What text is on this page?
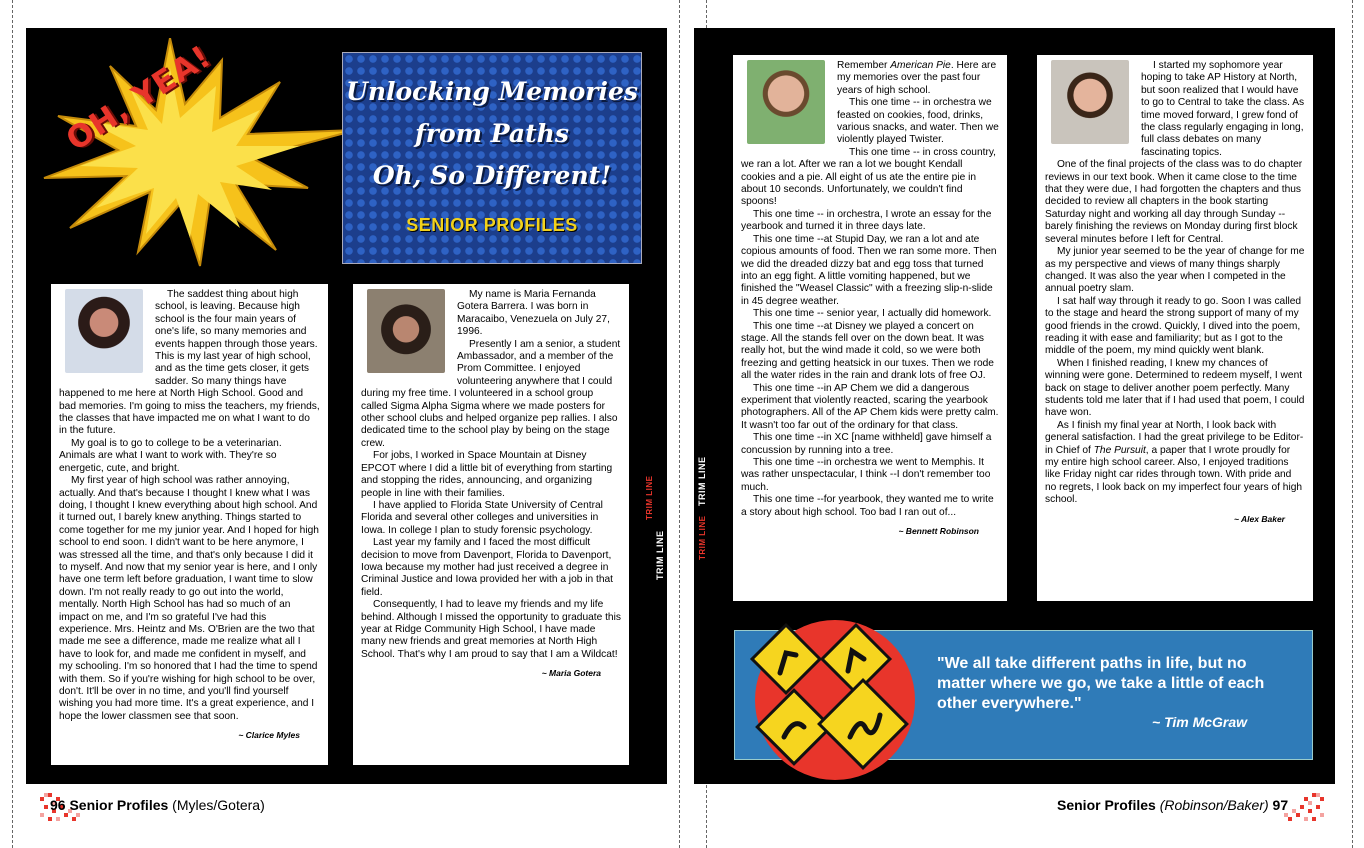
OH, YEA!	Unlocking Memories
from Paths
Oh, So Different!
SENIOR PROFILES

The saddest thing about high school, is leaving. Because high school is the four main years of one's life, so many memories and events happen through those years. This is my last year of high school, and as the time gets closer, it gets sadder. So many things have happened to me here at North High School. Good and bad memories. I'm going to miss the teachers, my friends, the classes that have impacted me on what I want to do in the future.

My goal is to go to college to be a veterinarian. Animals are what I want to work with. They're so energetic, cute, and bright.

My first year of high school was rather annoying, actually. And that's because I thought I knew what I was doing, I thought I knew everything about high school. And it turned out, I barely knew anything. Things started to come together for me my junior year. And I hoped for high school to end soon. I didn't want to be here anymore, I was stressed all the time, and that's only because I did it to myself. And now that my senior year is here, and I only have one term left before graduation, I want time to slow down. I'm not really ready to go out into the world, mentally. North High School has had so much of an impact on me, and I'm so grateful I've had this experience. Mrs. Heintz and Ms. O'Brien are the two that made me see a difference, made me realize what all I have to look for, and made me confident in myself, and my schooling. I'm so honored that I had the time to spend with them. So if you're wishing for high school to be over, don't. It'll be over in no time, and you'll find yourself wishing you had more time. It's a great experience, and I hope the lower classmen see that soon.

~ Clarice Myles

My name is Maria Fernanda Gotera Barrera. I was born in Maracaibo, Venezuela on July 27, 1996.

Presently I am a senior, a student Ambassador, and a member of the Prom Committee. I enjoyed volunteering anywhere that I could during my free time. I volunteered in a school group called Sigma Alpha Sigma where we made posters for other school clubs and helped organize pep rallies. I also dedicated time to the school play by being on the stage crew.

For jobs, I worked in Space Mountain at Disney EPCOT where I did a little bit of everything from starting and stopping the rides, announcing, and organizing people in line with their families.

I have applied to Florida State University of Central Florida and several other colleges and universities in Iowa. In college I plan to study forensic psychology.

Last year my family and I faced the most difficult decision to move from Davenport, Florida to Davenport, Iowa because my mother had just received a degree in Criminal Justice and Iowa provided her with a job in that field.

Consequently, I had to leave my friends and my life behind. Although I missed the opportunity to graduate this year at Ridge Community High School, I have made many new friends and great memories at North High School. That's why I am proud to say that I am a Wildcat!

~ Maria Gotera

TRIM LINE
TRIM LINE
96 Senior Profiles (Myles/Gotera)
TRIM LINE
TRIM LINE

Remember American Pie. Here are my memories over the past four years of high school.

This one time -- in orchestra we feasted on cookies, food, drinks, various snacks, and water. Then we violently played Twister.

This one time -- in cross country, we ran a lot. After we ran a lot we bought Kendall cookies and a pie. All eight of us ate the entire pie in about 10 seconds. Unfortunately, we couldn't find spoons!

This one time -- in orchestra, I wrote an essay for the yearbook and turned it in three days late.

This one time --at Stupid Day, we ran a lot and ate copious amounts of food. Then we ran some more. Then we did the dreaded dizzy bat and egg toss that turned into an egg fight. A little vomiting happened, but we finished the "Weasel Classic" with a freezing slip-n-slide in 45 degree weather.

This one time -- senior year, I actually did homework.

This one time --at Disney we played a concert on stage. All the stands fell over on the down beat. It was really hot, but the wind made it cold, so we were both freezing and getting heatsick in our tuxes. Then we rode all the water rides in the rain and drank lots of free OJ.

This one time --in AP Chem we did a dangerous experiment that violently reacted, scaring the yearbook photographers. All of the AP Chem kids were pretty calm. It wasn't too far out of the ordinary for that class.

This one time --in XC [name withheld] gave himself a concussion by running into a tree.

This one time --in orchestra we went to Memphis. It was rather unspectacular, I think --I don't remember too much.

This one time --for yearbook, they wanted me to write a story about high school. Too bad I ran out of...

~ Bennett Robinson

I started my sophomore year hoping to take AP History at North, but soon realized that I would have to go to Central to take the class. As time moved forward, I grew fond of the class regularly engaging in long, full class debates on many fascinating topics.

One of the final projects of the class was to do chapter reviews in our text book. When it came close to the time that they were due, I had forgotten the chapters and thus decided to review all chapters in the book starting Saturday night and working all day through Sunday -- barely finishing the reviews on Monday during first block several minutes before I left for Central.

My junior year seemed to be the year of change for me as my perspective and views of many things sharply changed. It was also the year when I competed in the annual poetry slam.

I sat half way through it ready to go. Soon I was called to the stage and heard the strong support of many of my good friends in the crowd. Quickly, I dived into the poem, reading it with ease and familiarity; but as I got to the middle of the poem, my mind quickly went blank.

When I finished reading, I knew my chances of winning were gone. Determined to redeem myself, I went back on stage to deliver another poem perfectly. Many students told me later that if I had used that poem, I could have won.

As I finish my final year at North, I look back with general satisfaction. I had the great privilege to be Editor-in Chief of The Pursuit, a paper that I wrote proudly for my entire high school career. Also, I enjoyed traditions like Friday night car rides through town. With pride and no regrets, I look back on my imperfect four years of high school.

~ Alex Baker

"We all take different paths in life, but no matter where we go, we take a little of each other everywhere."
~ Tim McGraw
Senior Profiles (Robinson/Baker) 97
